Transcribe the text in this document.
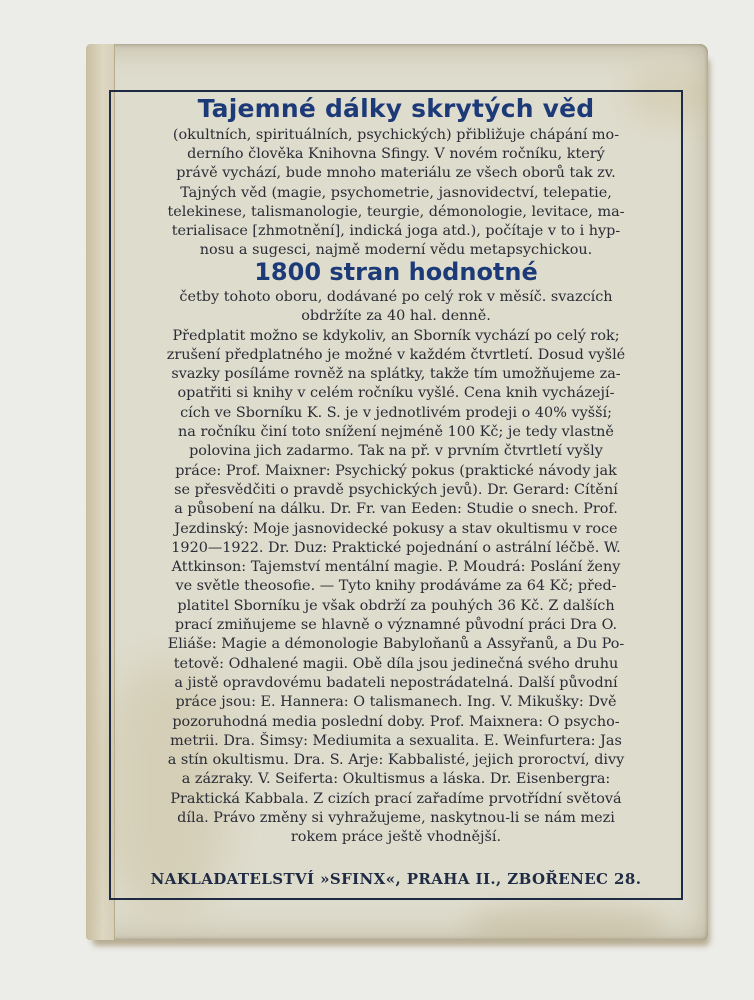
Tajemné dálky skrytých věd
(okultních, spirituálních, psychických) přibližuje chápání mo-
derního člověka Knihovna Sfingy. V novém ročníku, který
právě vychází, bude mnoho materiálu ze všech oborů tak zv.
Tajných věd (magie, psychometrie, jasnovidectví, telepatie,
telekinese, talismanologie, teurgie, démonologie, levitace, ma-
terialisace [zhmotnění], indická joga atd.), počítaje v to i hyp-
nosu a sugesci, najmě moderní vědu metapsychickou.
1800 stran hodnotné
četby tohoto oboru, dodávané po celý rok v měsíč. svazcích
obdržíte za 40 hal. denně.
Předplatit možno se kdykoliv, an Sborník vychází po celý rok;
zrušení předplatného je možné v každém čtvrtletí. Dosud vyšlé
svazky posíláme rovněž na splátky, takže tím umožňujeme za-
opatřiti si knihy v celém ročníku vyšlé. Cena knih vycházejí-
cích ve Sborníku K. S. je v jednotlivém prodeji o 40% vyšší;
na ročníku činí toto snížení nejméně 100 Kč; je tedy vlastně
polovina jich zadarmo. Tak na př. v prvním čtvrtletí vyšly
práce: Prof. Maixner: Psychický pokus (praktické návody jak
se přesvědčiti o pravdě psychických jevů). Dr. Gerard: Cítění
a působení na dálku. Dr. Fr. van Eeden: Studie o snech. Prof.
Jezdinský: Moje jasnovidecké pokusy a stav okultismu v roce
1920—1922. Dr. Duz: Praktické pojednání o astrální léčbě. W.
Attkinson: Tajemství mentální magie. P. Moudrá: Poslání ženy
ve světle theosofie. — Tyto knihy prodáváme za 64 Kč; před-
platitel Sborníku je však obdrží za pouhých 36 Kč. Z dalších
prací zmiňujeme se hlavně o významné původní práci Dra O.
Eliáše: Magie a démonologie Babyloňanů a Assyřanů, a Du Po-
tetově: Odhalené magii. Obě díla jsou jedinečná svého druhu
a jistě opravdovému badateli nepostrádatelná. Další původní
práce jsou: E. Hannera: O talismanech. Ing. V. Mikušky: Dvě
pozoruhodná media poslední doby. Prof. Maixnera: O psycho-
metrii. Dra. Šimsy: Mediumita a sexualita. E. Weinfurtera: Jas
a stín okultismu. Dra. S. Arje: Kabbalisté, jejich proroctví, divy
a zázraky. V. Seiferta: Okultismus a láska. Dr. Eisenbergra:
Praktická Kabbala. Z cizích prací zařadíme prvotřídní světová
díla. Právo změny si vyhražujeme, naskytnou-li se nám mezi
rokem práce ještě vhodnější.
NAKLADATELSTVÍ »SFINX«, PRAHA II., ZBOŘENEC 28.
